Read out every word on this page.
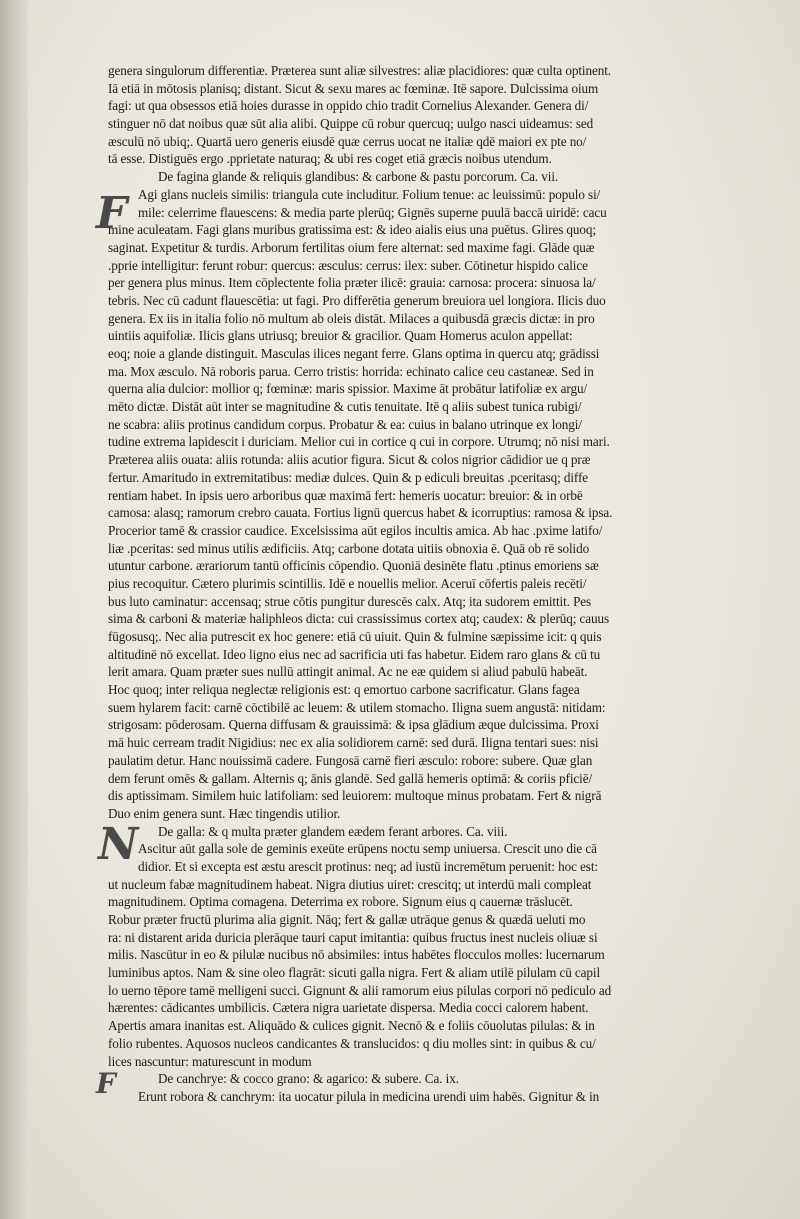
F
N
F
genera singulorum differentiæ. Præterea sunt aliæ silvestres: aliæ placidiores: quæ culta optinent.
Iā etiā in mōtosis planisq; distant. Sicut & sexu mares ac fœminæ. Itē sapore. Dulcissima oium
fagi: ut qua obsessos etiā hoies durasse in oppido chio tradit Cornelius Alexander. Genera di/
stinguer nō dat noibus quæ sūt alia alibi. Quippe cū robur quercuq; uulgo nasci uideamus: sed
æsculū nō ubiq;. Quartā uero generis eiusdē quæ cerrus uocat ne italiæ qdē maiori ex pte no/
tā esse. Distiguēs ergo .pprietate naturaq; & ubi res coget etiā græcis noibus utendum.
De fagina glande & reliquis glandibus: & carbone & pastu porcorum. Ca. vii.
Agi glans nucleis similis: triangula cute includitur. Folium tenue: ac leuissimū: populo si/
mile: celerrime flauescens: & media parte plerūq; Gignēs superne puulā baccā uiridē: cacu
mine aculeatam. Fagi glans muribus gratissima est: & ideo aialis eius una puētus. Glires quoq;
saginat. Expetitur & turdis. Arborum fertilitas oium fere alternat: sed maxime fagi. Glāde quæ
.pprie intelligitur: ferunt robur: quercus: æsculus: cerrus: ilex: suber. Cōtinetur hispido calice
per genera plus minus. Item cōplectente folia præter ilicē: grauia: carnosa: procera: sinuosa la/
tebris. Nec cū cadunt flauescētia: ut fagi. Pro differētia generum breuiora uel longiora. Ilicis duo
genera. Ex iis in italia folio nō multum ab oleis distāt. Milaces a quibusdā græcis dictæ: in pro
uintiis aquifoliæ. Ilicis glans utriusq; breuior & gracilior. Quam Homerus aculon appellat:
eoq; noie a glande distinguit. Masculas ilices negant ferre. Glans optima in quercu atq; grādissi
ma. Mox æsculo. Nā roboris parua. Cerro tristis: horrida: echinato calice ceu castaneæ. Sed in
querna alia dulcior: mollior q; fœminæ: maris spissior. Maxime āt probātur latifoliæ ex argu/
mēto dictæ. Distāt aūt inter se magnitudine & cutis tenuitate. Itē q aliis subest tunica rubigi/
ne scabra: aliis protinus candidum corpus. Probatur & ea: cuius in balano utrinque ex longi/
tudine extrema lapidescit i duriciam. Melior cui in cortice q cui in corpore. Utrumq; nō nisi mari.
Præterea aliis ouata: aliis rotunda: aliis acutior figura. Sicut & colos nigrior cādidior ue q præ
fertur. Amaritudo in extremitatibus: mediæ dulces. Quin & p ediculi breuitas .pceritasq; diffe
rentiam habet. In ipsis uero arboribus quæ maximā fert: hemeris uocatur: breuior: & in orbē
camosa: alasq; ramorum crebro cauata. Fortius lignū quercus habet & icorruptius: ramosa & ipsa.
Procerior tamē & crassior caudice. Excelsissima aūt egilos incultis amica. Ab hac .pxime latifo/
liæ .pceritas: sed minus utilis ædificiis. Atq; carbone dotata uitiis obnoxia ē. Quā ob rē solido
utuntur carbone. ærariorum tantū officinis cōpendio. Quoniā desinēte flatu .ptinus emoriens sæ
pius recoquitur. Cætero plurimis scintillis. Idē e nouellis melior. Aceruī cōfertis paleis recēti/
bus luto caminatur: accensaq; strue cōtis pungitur durescēs calx. Atq; ita sudorem emittit. Pes
sima & carboni & materiæ haliphleos dicta: cui crassissimus cortex atq; caudex: & plerūq; cauus
fūgosusq;. Nec alia putrescit ex hoc genere: etiā cū uiuit. Quin & fulmine sæpissime icit: q quis
altitudinē nō excellat. Ideo ligno eius nec ad sacrificia uti fas habetur. Eidem raro glans & cū tu
lerit amara. Quam præter sues nullū attingit animal. Ac ne eæ quidem si aliud pabulū habeāt.
Hoc quoq; inter reliqua neglectæ religionis est: q emortuo carbone sacrificatur. Glans fagea
suem hylarem facit: carnē cōctibilē ac leuem: & utilem stomacho. Iligna suem angustā: nitidam:
strigosam: pōderosam. Querna diffusam & grauissimā: & ipsa glādium æque dulcissima. Proxi
mā huic cerream tradit Nigidius: nec ex alia solidiorem carnē: sed durā. Iligna tentari sues: nisi
paulatim detur. Hanc nouissimā cadere. Fungosā carnē fieri æsculo: robore: subere. Quæ glan
dem ferunt omēs & gallam. Alternis q; ānis glandē. Sed gallā hemeris optimā: & coriis pficiē/
dis aptissimam. Similem huic latifoliam: sed leuiorem: multoque minus probatam. Fert & nigrā
Duo enim genera sunt. Hæc tingendis utilior.
De galla: & q multa præter glandem eædem ferant arbores. Ca. viii.
Ascitur aūt galla sole de geminis exeūte erūpens noctu semp uniuersa. Crescit uno die cā
didior. Et si excepta est æstu arescit protinus: neq; ad iustū incremētum peruenit: hoc est:
ut nucleum fabæ magnitudinem habeat. Nigra diutius uiret: crescitq; ut interdū mali compleat
magnitudinem. Optima comagena. Deterrima ex robore. Signum eius q cauernæ trāslucēt.
Robur præter fructū plurima alia gignit. Nāq; fert & gallæ utrāque genus & quædā ueluti mo
ra: ni distarent arida duricia plerāque tauri caput imitantia: quibus fructus inest nucleis oliuæ si
milis. Nascūtur in eo & pilulæ nucibus nō absimiles: intus habētes flocculos molles: lucernarum
luminibus aptos. Nam & sine oleo flagrāt: sicuti galla nigra. Fert & aliam utilē pilulam cū capil
lo uerno tēpore tamē melligeni succi. Gignunt & alii ramorum eius pilulas corpori nō pediculo ad
hærentes: cādicantes umbilicis. Cætera nigra uarietate dispersa. Media cocci calorem habent.
Apertis amara inanitas est. Aliquādo & culices gignit. Necnō & e foliis cōuolutas pilulas: & in
folio rubentes. Aquosos nucleos candicantes & translucidos: q diu molles sint: in quibus & cu/
lices nascuntur: maturescunt in modum
De canchrye: & cocco grano: & agarico: & subere. Ca. ix.
Erunt robora & canchrym: ita uocatur pilula in medicina urendi uim habēs. Gignitur & in
